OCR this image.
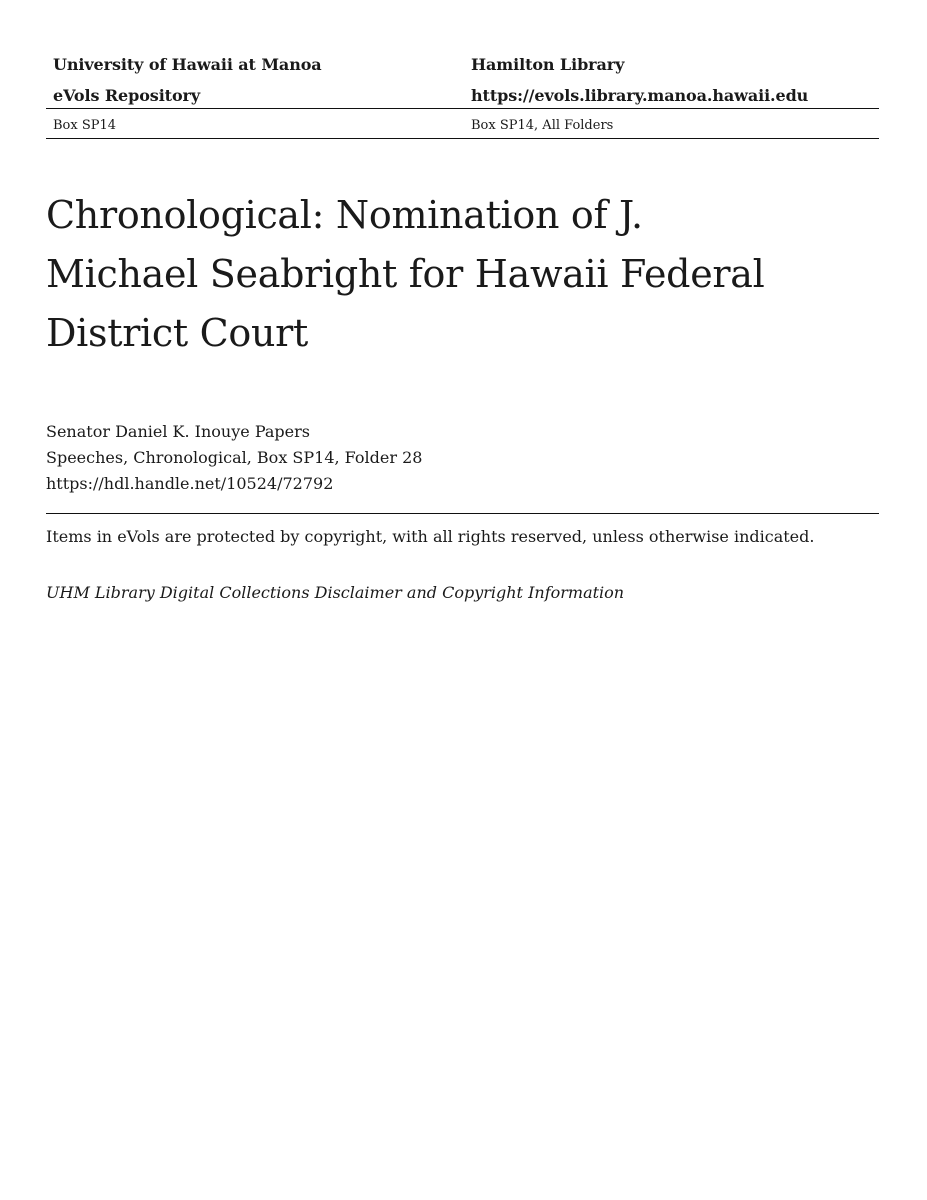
University of Hawaii at Manoa	Hamilton Library
eVols Repository	https://evols.library.manoa.hawaii.edu
Box SP14	Box SP14, All Folders
Chronological: Nomination of J. Michael Seabright for Hawaii Federal District Court
Senator Daniel K. Inouye Papers
Speeches, Chronological, Box SP14, Folder 28
https://hdl.handle.net/10524/72792
Items in eVols are protected by copyright, with all rights reserved, unless otherwise indicated.
UHM Library Digital Collections Disclaimer and Copyright Information
